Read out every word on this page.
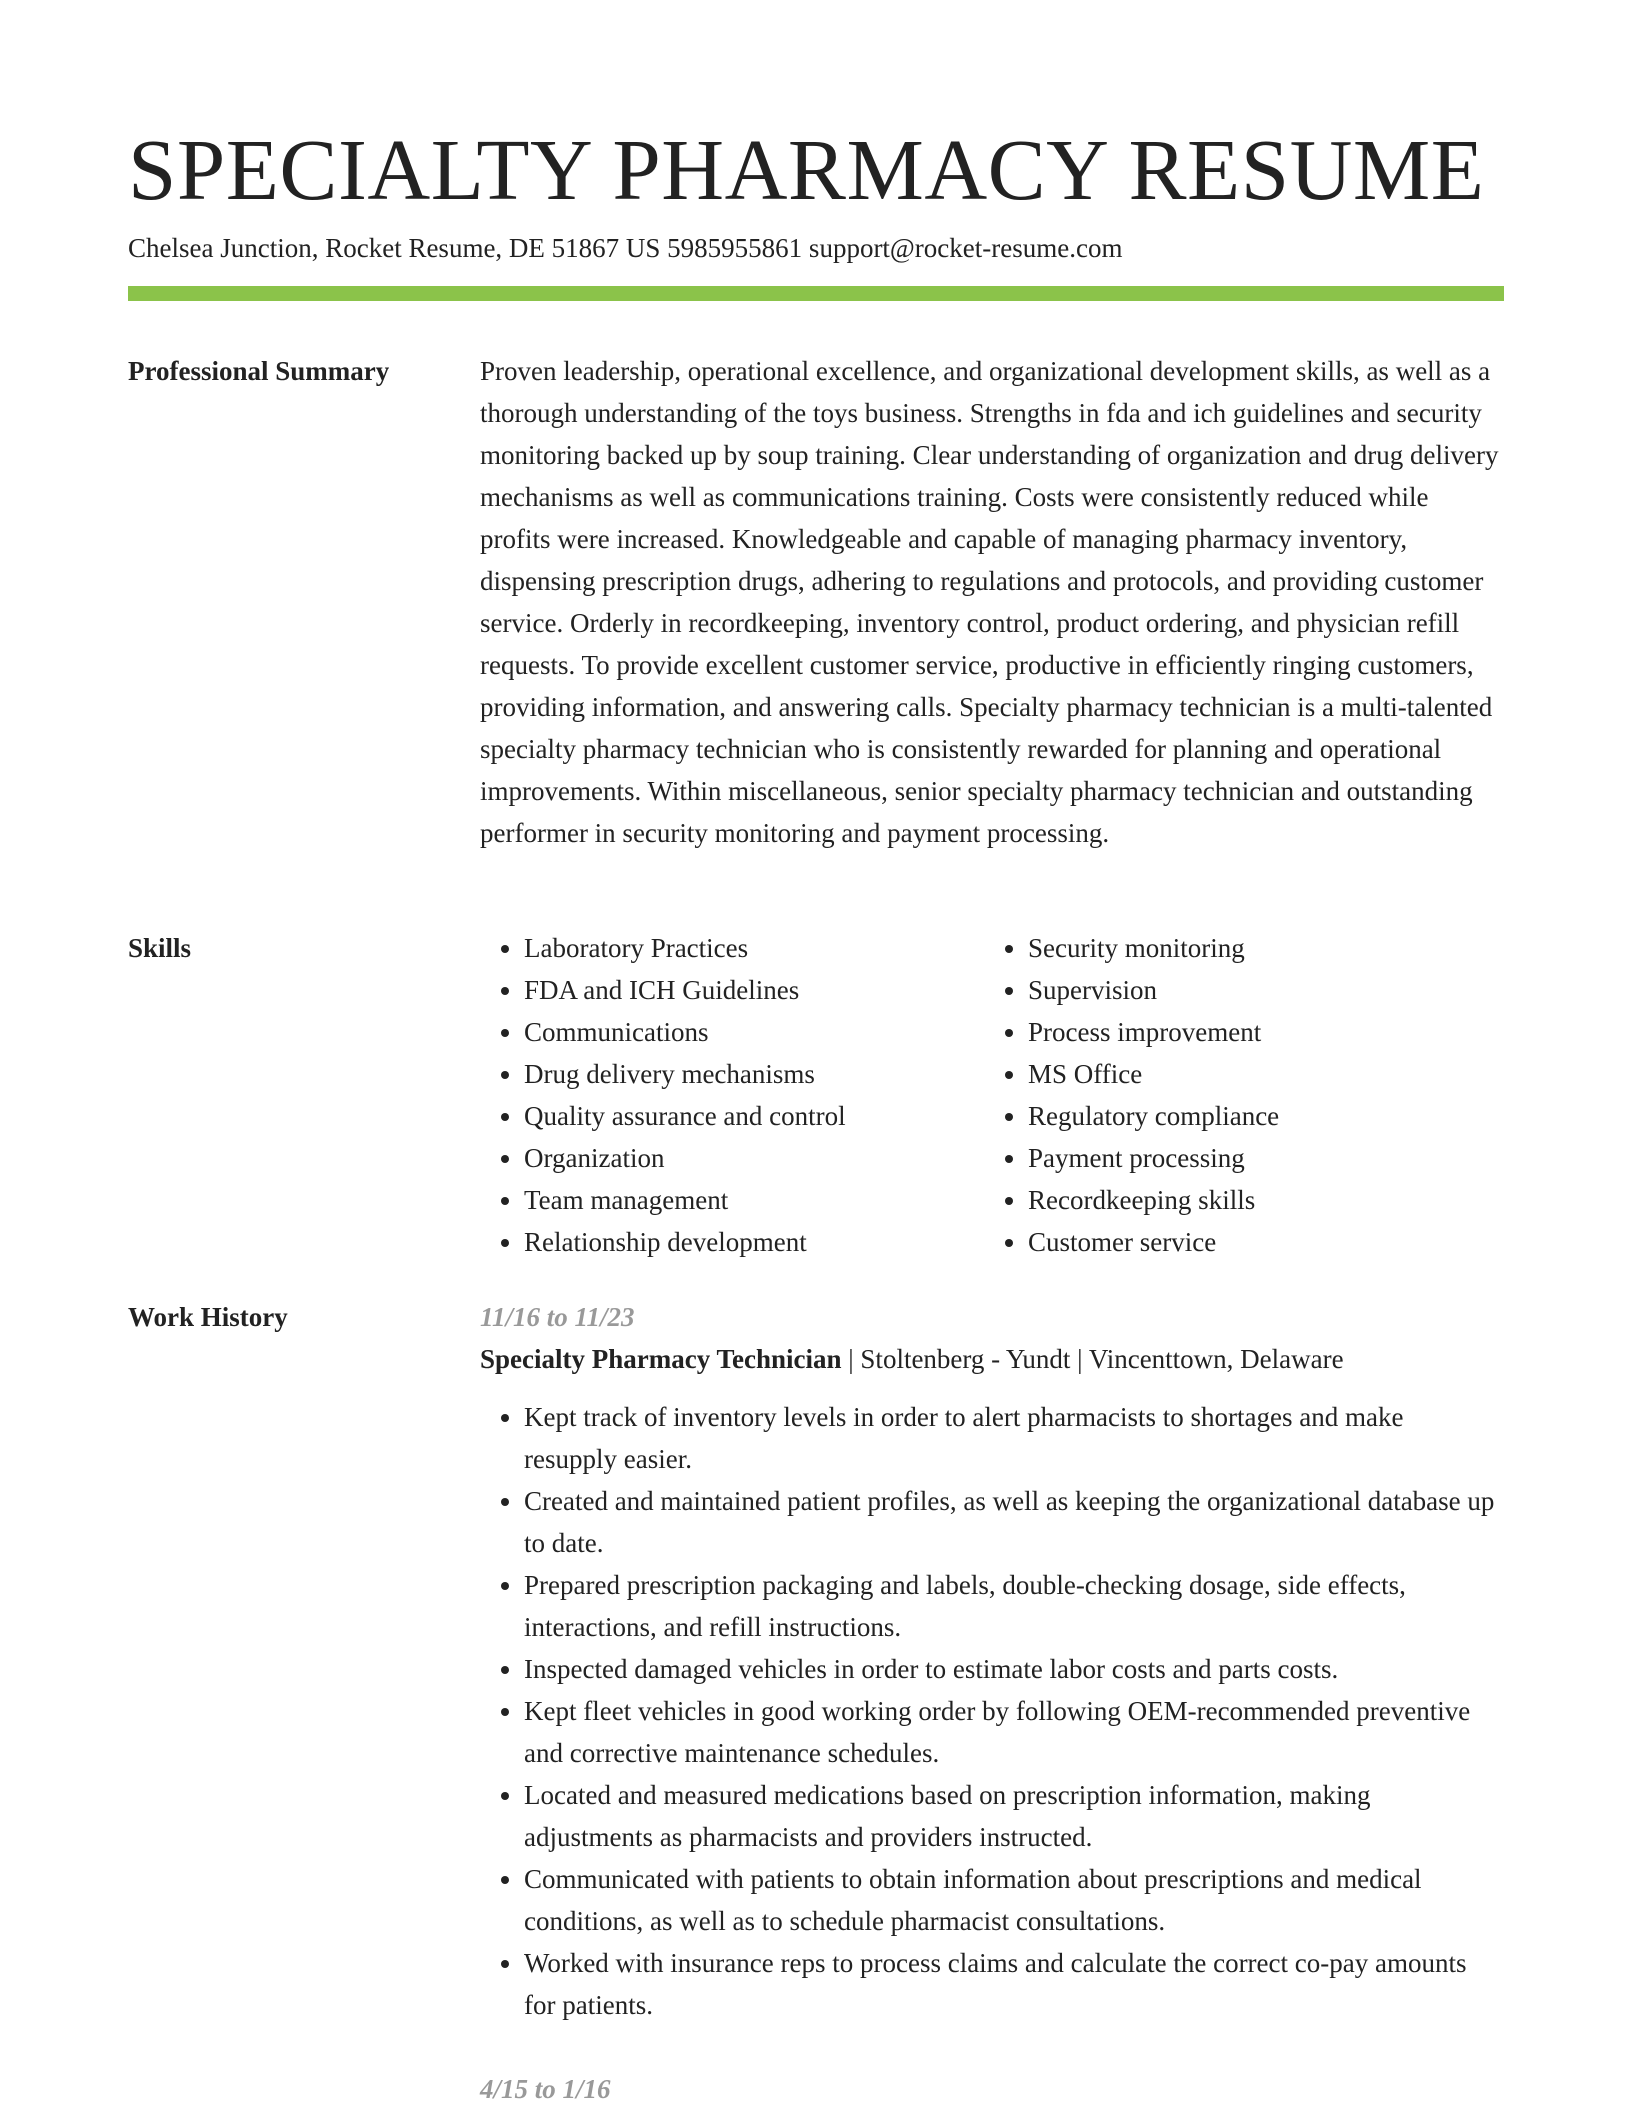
SPECIALTY PHARMACY RESUME
Chelsea Junction, Rocket Resume, DE 51867 US 5985955861 support@rocket-resume.com
Professional Summary	Proven leadership, operational excellence, and organizational development skills, as well as a thorough understanding of the toys business. Strengths in fda and ich guidelines and security monitoring backed up by soup training. Clear understanding of organization and drug delivery mechanisms as well as communications training. Costs were consistently reduced while profits were increased. Knowledgeable and capable of managing pharmacy inventory, dispensing prescription drugs, adhering to regulations and protocols, and providing customer service. Orderly in recordkeeping, inventory control, product ordering, and physician refill requests. To provide excellent customer service, productive in efficiently ringing customers, providing information, and answering calls. Specialty pharmacy technician is a multi-talented specialty pharmacy technician who is consistently rewarded for planning and operational improvements. Within miscellaneous, senior specialty pharmacy technician and outstanding performer in security monitoring and payment processing.

Skills
•	Laboratory Practices
• FDA and ICH Guidelines
• Communications
• Drug delivery mechanisms
• Quality assurance and control
• Organization
• Team management
• Relationship development
• Security monitoring
• Supervision
• Process improvement
• MS Office
• Regulatory compliance
• Payment processing
• Recordkeeping skills
• Customer service
Work History	11/16 to 11/23
Specialty Pharmacy Technician | Stoltenberg - Yundt | Vincenttown, Delaware
• Kept track of inventory levels in order to alert pharmacists to shortages and make resupply easier.
• Created and maintained patient profiles, as well as keeping the organizational database up to date.
• Prepared prescription packaging and labels, double-checking dosage, side effects, interactions, and refill instructions.
• Inspected damaged vehicles in order to estimate labor costs and parts costs.
• Kept fleet vehicles in good working order by following OEM-recommended preventive and corrective maintenance schedules.
• Located and measured medications based on prescription information, making adjustments as pharmacists and providers instructed.
• Communicated with patients to obtain information about prescriptions and medical conditions, as well as to schedule pharmacist consultations.
• Worked with insurance reps to process claims and calculate the correct co-pay amounts for patients.
4/15 to 1/16
